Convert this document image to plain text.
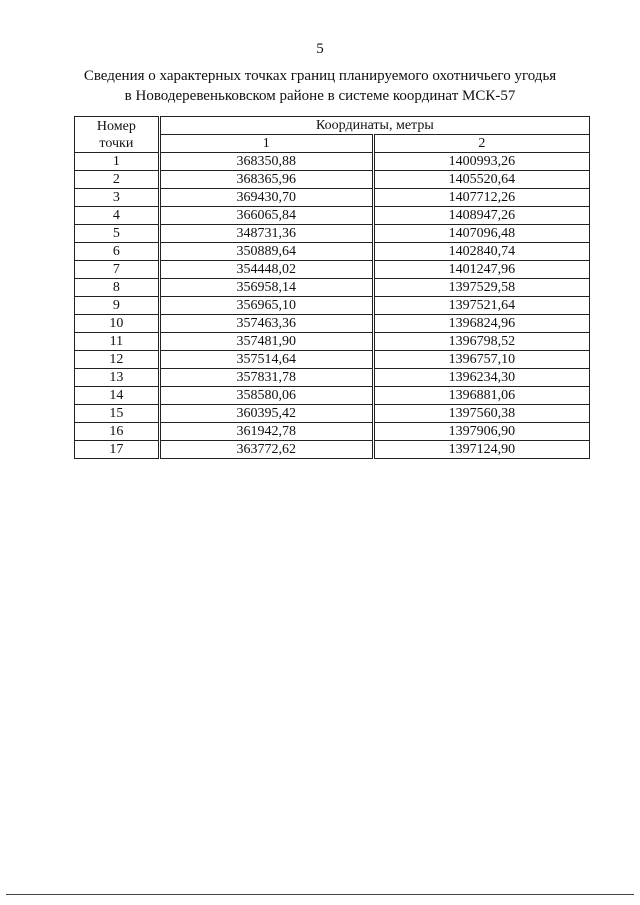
5
Сведения о характерных точках границ планируемого охотничьего угодья
в Новодеревеньковском районе в системе координат МСК-57
Номер
точки	Координаты, метры	
	1	2
1	368350,88	1400993,26
2	368365,96	1405520,64
3	369430,70	1407712,26
4	366065,84	1408947,26
5	348731,36	1407096,48
6	350889,64	1402840,74
7	354448,02	1401247,96
8	356958,14	1397529,58
9	356965,10	1397521,64
10	357463,36	1396824,96
11	357481,90	1396798,52
12	357514,64	1396757,10
13	357831,78	1396234,30
14	358580,06	1396881,06
15	360395,42	1397560,38
16	361942,78	1397906,90
17	363772,62	1397124,90
